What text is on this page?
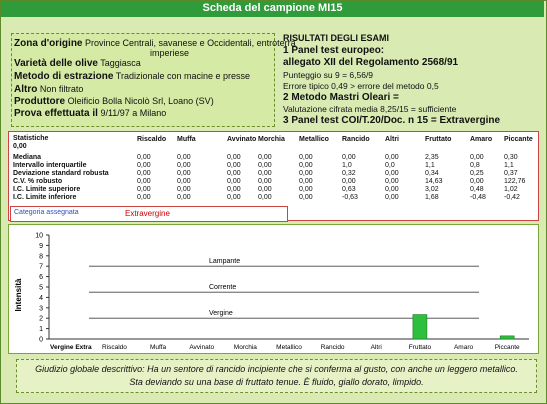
Scheda del campione MI15
Zona d'origine Province Centrali, savanese e Occidentali, entroterra
imperiese
Varietà delle olive Taggiasca
Metodo di estrazione Tradizionale con macine e presse
Altro Non filtrato
Produttore Oleificio Bolla Nicolò Srl, Loano (SV)
Prova effettuata il 9/11/97 a Milano
RISULTATI DEGLI ESAMI
1 Panel test europeo:
allegato XII del Regolamento 2568/91
Punteggio su 9 = 6,56/9
Errore tipico 0,49 > errore del metodo 0,5
2 Metodo Mastri Oleari =
Valutazione cifrata media 8,25/15 = sufficiente
3 Panel test COI/T.20/Doc. n 15 = Extravergine
Statistiche
0,00
Riscaldo Muffa	Avvinato Morchia Metallico Rancido Altri	Fruttato	Amaro Piccante
Mediana	0,00	0,00	0,00 0,00	0,00	0,00	0,00	2,35	0,00	0,30
Intervallo interquartile	0,00	0,00	0,00 0,00	0,00	1,0	0,0	1,1	0,8	1,1
Deviazione standard robusta	0,00	0,00	0,00 0,00	0,00	0,32	0,00	0,34	0,25	0,37
C.V. % robusto	0,00	0,00	0,00 0,00	0,00	0,00	0,00	14,63	0,00	122,76
I.C. Limite superiore	0,00	0,00	0,00 0,00	0,00	0,63	0,00	3,02	0,48	1,02
I.C. Limite inferiore	0,00	0,00	0,00 0,00	0,00	-0,63	0,00	1,68	-0,48	-0,42
Categoria assegnata	Extravergine
0
1
2
3
4
5
6
7
8
9
10
Intensità
Lampante
Corrente
Vergine
Vergine Extra Riscaldo	Muffa	Avvinato	Morchia	Metallico	Rancido	Altri	Fruttato	Amaro	Piccante
Giudizio globale descrittivo: Ha un sentore di rancido incipiente che si conferma al gusto, con anche un leggero metallico.
Sta deviando su una base di fruttato tenue. È fluido, giallo dorato, limpido.
